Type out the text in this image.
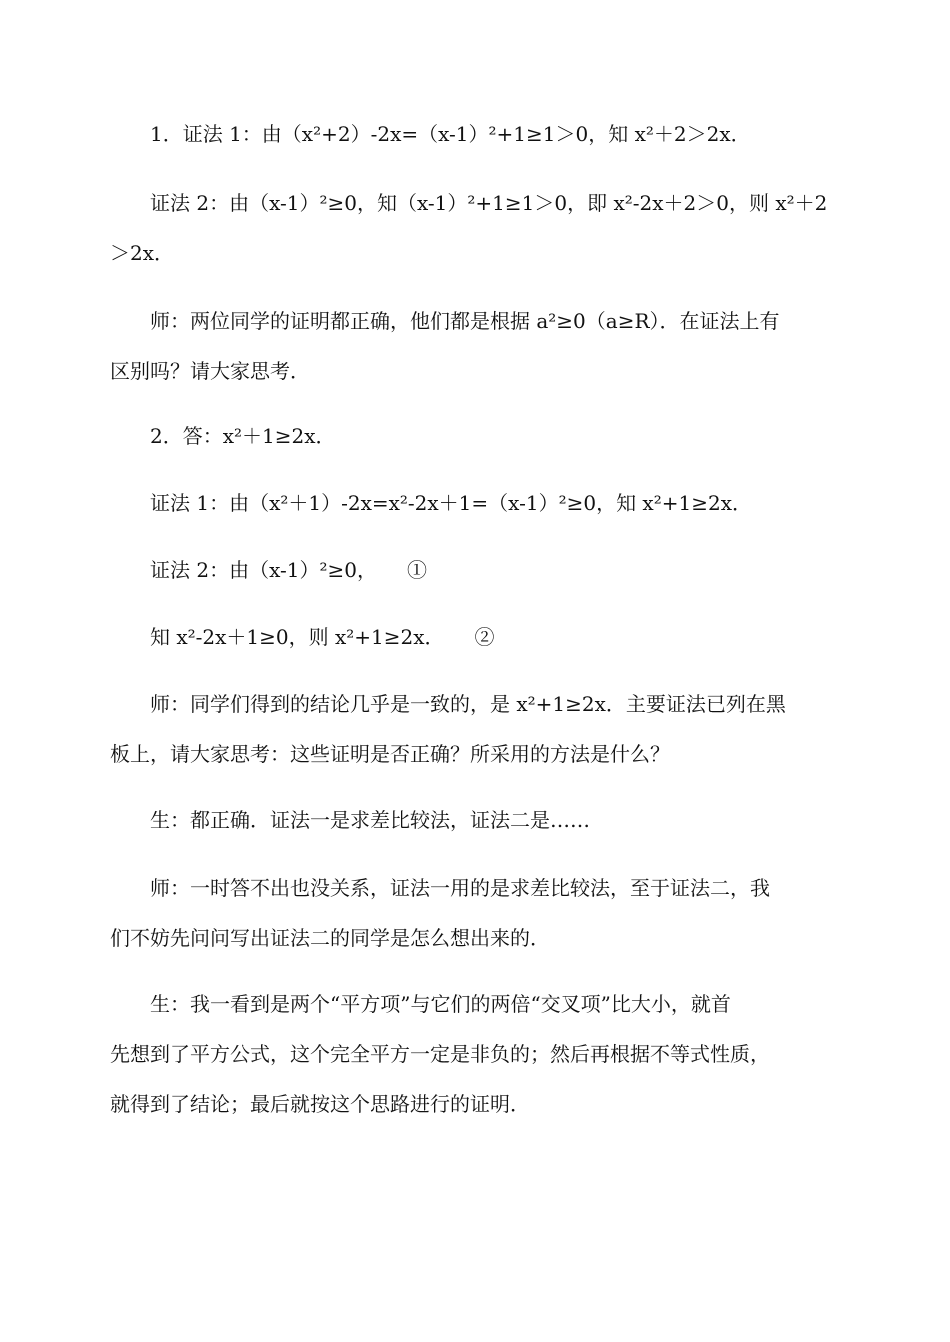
1．证法 1：由（x²+2）-2x=（x-1）²+1≥1＞0，知 x²＋2＞2x．
证法 2：由（x-1）²≥0，知（x-1）²+1≥1＞0，即 x²-2x＋2＞0，则 x²＋2
＞2x．
师：两位同学的证明都正确，他们都是根据 a²≥0（a≥R）．在证法上有
区别吗？请大家思考．
2．答：x²＋1≥2x．
证法 1：由（x²＋1）-2x=x²-2x＋1=（x-1）²≥0，知 x²+1≥2x．
证法 2：由（x-1）²≥0，　　①
知 x²-2x＋1≥0，则 x²+1≥2x．　　②
师：同学们得到的结论几乎是一致的，是 x²+1≥2x．主要证法已列在黑
板上，请大家思考：这些证明是否正确？所采用的方法是什么？
生：都正确．证法一是求差比较法，证法二是……
师：一时答不出也没关系，证法一用的是求差比较法，至于证法二，我
们不妨先问问写出证法二的同学是怎么想出来的．
生：我一看到是两个“平方项”与它们的两倍“交叉项”比大小，就首
先想到了平方公式，这个完全平方一定是非负的；然后再根据不等式性质，
就得到了结论；最后就按这个思路进行的证明．
